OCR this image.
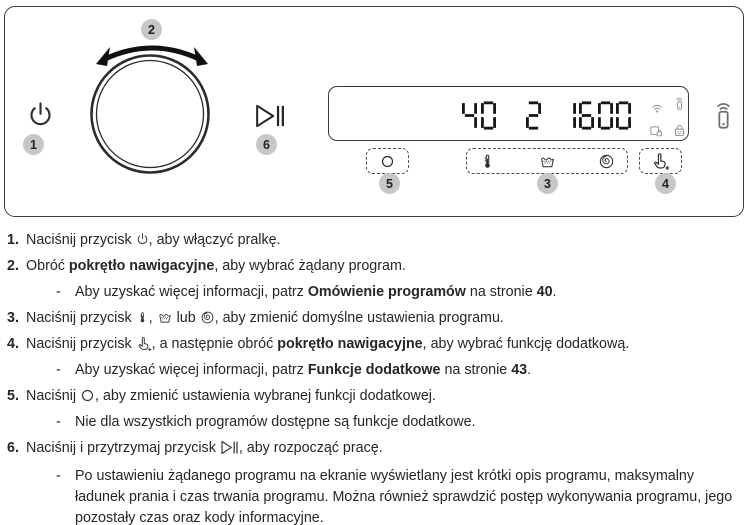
1
2
6
5	3	4
1. Naciśnij przycisk , aby włączyć pralkę.
2. Obróć pokrętło nawigacyjne, aby wybrać żądany program.
- Aby uzyskać więcej informacji, patrz Omówienie programów na stronie 40.
3. Naciśnij przycisk ,  lub , aby zmienić domyślne ustawienia programu.
4. Naciśnij przycisk , a następnie obróć pokrętło nawigacyjne, aby wybrać funkcję dodatkową.
- Aby uzyskać więcej informacji, patrz Funkcje dodatkowe na stronie 43.
5. Naciśnij , aby zmienić ustawienia wybranej funkcji dodatkowej.
- Nie dla wszystkich programów dostępne są funkcje dodatkowe.
6. Naciśnij i przytrzymaj przycisk , aby rozpocząć pracę.
- Po ustawieniu żądanego programu na ekranie wyświetlany jest krótki opis programu, maksymalny ładunek prania i czas trwania programu. Można również sprawdzić postęp wykonywania programu, jego pozostały czas oraz kody informacyjne.
